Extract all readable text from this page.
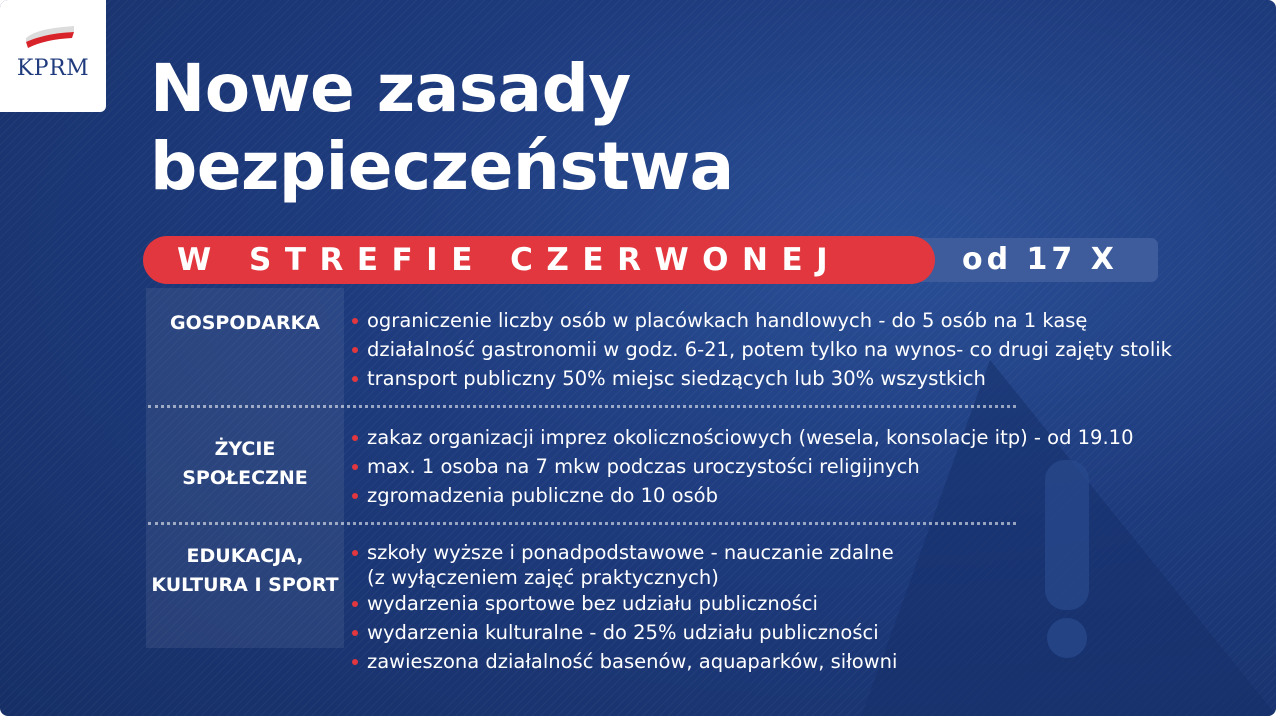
KPRM Nowe zasady
bezpieczeństwa
od 17 X
W STREFIE CZERWONEJ
GOSPODARKA	ograniczenie liczby osób w placówkach handlowych - do 5 osób na 1 kasę
działalność gastronomii w godz. 6-21, potem tylko na wynos- co drugi zajęty stolik
transport publiczny 50% miejsc siedzących lub 30% wszystkich
ŻYCIE
SPOŁECZNE
zakaz organizacji imprez okolicznościowych (wesela, konsolacje itp) - od 19.10
max. 1 osoba na 7 mkw podczas uroczystości religijnych
zgromadzenia publiczne do 10 osób
EDUKACJA,
KULTURA I SPORT
szkoły wyższe i ponadpodstawowe - nauczanie zdalne
(z wyłączeniem zajęć praktycznych)
wydarzenia sportowe bez udziału publiczności
wydarzenia kulturalne - do 25% udziału publiczności
zawieszona działalność basenów, aquaparków, siłowni
